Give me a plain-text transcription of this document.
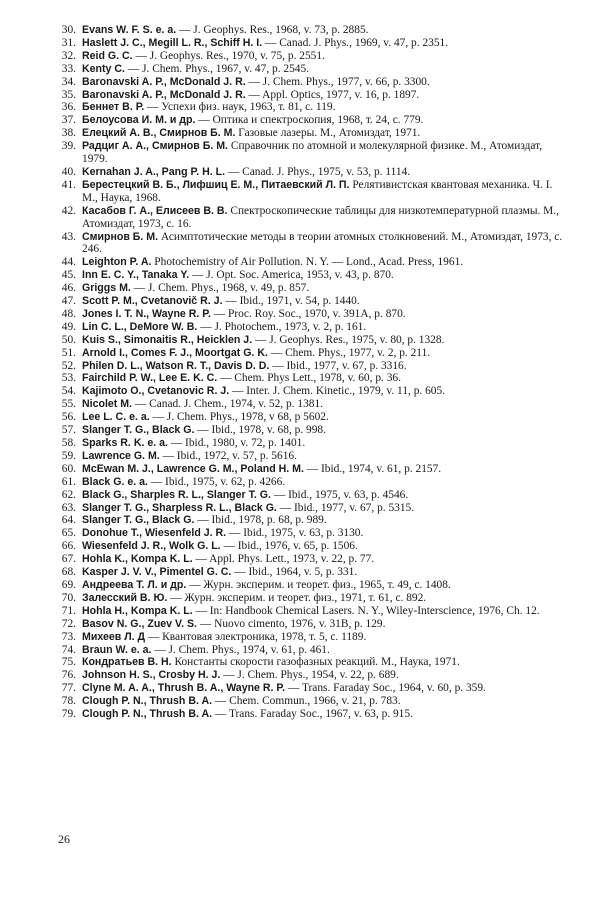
30. Evans W. F. S. e. a. — J. Geophys. Res., 1968, v. 73, p. 2885.
31. Haslett J. C., Megill L. R., Schiff H. I. — Canad. J. Phys., 1969, v. 47, p. 2351.
32. Reid G. C. — J. Geophys. Res., 1970, v. 75, p. 2551.
33. Kenty C. — J. Chem. Phys., 1967, v. 47, p. 2545.
34. Baronavski A. P., McDonald J. R. — J. Chem. Phys., 1977, v. 66, p. 3300.
35. Baronavski A. P., McDonald J. R. — Appl. Optics, 1977, v. 16, p. 1897.
36. Беннет В. Р. — Успехи физ. наук, 1963, т. 81, с. 119.
37. Белоусова И. М. и др. — Оптика и спектроскопия, 1968, т. 24, с. 779.
38. Елецкий А. В., Смирнов Б. М. Газовые лазеры. М., Атомиздат, 1971.
39. Радциг А. А., Смирнов Б. М. Справочник по атомной и молекулярной физике. М., Атомиздат, 1979.
40. Kernahan J. A., Pang P. H. L. — Canad. J. Phys., 1975, v. 53, p. 1114.
41. Берестецкий В. Б., Лифшиц Е. М., Питаевский Л. П. Релятивистская квантовая механика. Ч. I. М., Наука, 1968.
42. Касабов Г. А., Елисеев В. В. Спектроскопические таблицы для низкотемпературной плазмы. М., Атомиздат, 1973, с. 16.
43. Смирнов Б. М. Асимптотические методы в теории атомных столкновений. М., Атомиздат, 1973, с. 246.
44. Leighton P. A. Photochemistry of Air Pollution. N. Y. — Lond., Acad. Press, 1961.
45. Inn E. C. Y., Tanaka Y. — J. Opt. Soc. America, 1953, v. 43, p. 870.
46. Griggs M. — J. Chem. Phys., 1968, v. 49, p. 857.
47. Scott P. M., Cvetanovič R. J. — Ibid., 1971, v. 54, p. 1440.
48. Jones I. T. N., Wayne R. P. — Proc. Roy. Soc., 1970, v. 391A, p. 870.
49. Lin C. L., DeMore W. B. — J. Photochem., 1973, v. 2, p. 161.
50. Kuis S., Simonaitis R., Heicklen J. — J. Geophys. Res., 1975, v. 80, p. 1328.
51. Arnold I., Comes F. J., Moortgat G. K. — Chem. Phys., 1977, v. 2, p. 211.
52. Philen D. L., Watson R. T., Davis D. D. — Ibid., 1977, v. 67, p. 3316.
53. Fairchild P. W., Lee E. K. C. — Chem. Phys Lett., 1978, v. 60, p. 36.
54. Kajimoto O., Cvetanovic R. J. — Inter. J. Chem. Kinetic., 1979, v. 11, p. 605.
55. Nicolet M. — Canad. J. Chem., 1974, v. 52, p. 1381.
56. Lee L. C. e. a. — J. Chem. Phys., 1978, v 68, p 5602.
57. Slanger T. G., Black G. — Ibid., 1978, v. 68, p. 998.
58. Sparks R. K. e. a. — Ibid., 1980, v. 72, p. 1401.
59. Lawrence G. M. — Ibid., 1972, v. 57, p. 5616.
60. McEwan M. J., Lawrence G. M., Poland H. M. — Ibid., 1974, v. 61, p. 2157.
61. Black G. e. a. — Ibid., 1975, v. 62, p. 4266.
62. Black G., Sharples R. L., Slanger T. G. — Ibid., 1975, v. 63, p. 4546.
63. Slanger T. G., Sharpless R. L., Black G. — Ibid., 1977, v. 67, p. 5315.
64. Slanger T. G., Black G. — Ibid., 1978, p. 68, p. 989.
65. Donohue T., Wiesenfeld J. R. — Ibid., 1975, v. 63, p. 3130.
66. Wiesenfeld J. R., Wolk G. L. — Ibid., 1976, v. 65, p. 1506.
67. Hohla K., Kompa K. L. — Appl. Phys. Lett., 1973, v. 22, p. 77.
68. Kasper J. V. V., Pimentel G. C. — Ibid., 1964, v. 5, p. 331.
69. Андреева Т. Л. и др. — Журн. эксперим. и теорет. физ., 1965, т. 49, с. 1408.
70. Залесский В. Ю. — Журн. эксперим. и теорет. физ., 1971, т. 61, с. 892.
71. Hohla H., Kompa K. L. — In: Handbook Chemical Lasers. N. Y., Wiley-Interscience, 1976, Ch. 12.
72. Basov N. G., Zuev V. S. — Nuovo cimento, 1976, v. 31B, p. 129.
73. Михеев Л. Д — Квантовая электроника, 1978, т. 5, с. 1189.
74. Braun W. e. a. — J. Chem. Phys., 1974, v. 61, p. 461.
75. Кондратьев В. Н. Константы скорости газофазных реакций. М., Наука, 1971.
76. Johnson H. S., Crosby H. J. — J. Chem. Phys., 1954, v. 22, p. 689.
77. Clyne M. A. A., Thrush B. A., Wayne R. P. — Trans. Faraday Soc., 1964, v. 60, p. 359.
78. Clough P. N., Thrush B. A. — Chem. Commun., 1966, v. 21, p. 783.
79. Clough P. N., Thrush B. A. — Trans. Faraday Soc., 1967, v. 63, p. 915.
26
